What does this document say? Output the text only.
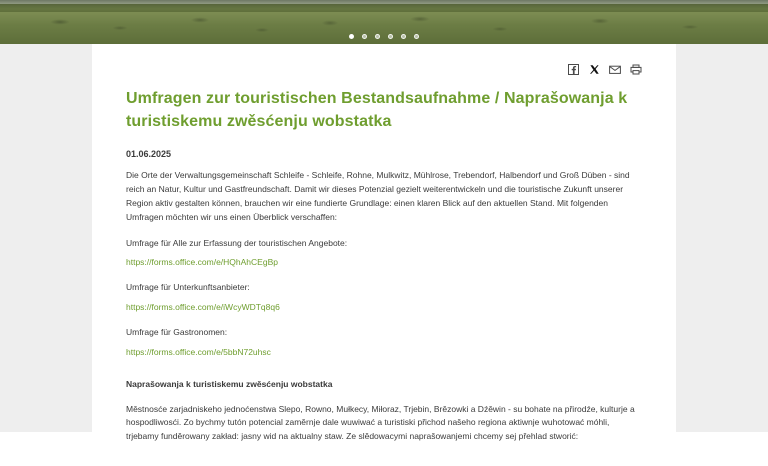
Umfragen zur touristischen Bestandsaufnahme / Naprašowanja k turistiskemu zwěsćenju wobstatka
01.06.2025

Die Orte der Verwaltungsgemeinschaft Schleife - Schleife, Rohne, Mulkwitz, Mühlrose, Trebendorf, Halbendorf und Groß Düben - sind reich an Natur, Kultur und Gastfreundschaft. Damit wir dieses Potenzial gezielt weiterentwickeln und die touristische Zukunft unserer Region aktiv gestalten können, brauchen wir eine fundierte Grundlage: einen klaren Blick auf den aktuellen Stand. Mit folgenden Umfragen möchten wir uns einen Überblick verschaffen:

Umfrage für Alle zur Erfassung der touristischen Angebote:

https://forms.office.com/e/HQhAhCEgBp

Umfrage für Unterkunftsanbieter:

https://forms.office.com/e/iWcyWDTq8q6

Umfrage für Gastronomen:

https://forms.office.com/e/5bbN72uhsc
Naprašowanja k turistiskemu zwěsćenju wobstatka

Městnosće zarjadniskeho jednoćenstwa Slepo, Rowno, Mułkecy, Miłoraz, Trjebin, Brězowki a Dźěwin - su bohate na přirodźe, kulturje a hospodliwosći. Zo bychmy tutón potencial zaměrnje dale wuwiwać a turistiski přichod našeho regiona aktiwnje wuhotować móhli, trjebamy funděrowany zakład: jasny wid na aktualny staw. Ze slědowacymi naprašowanjemi chcemy sej přehlad stworić:
